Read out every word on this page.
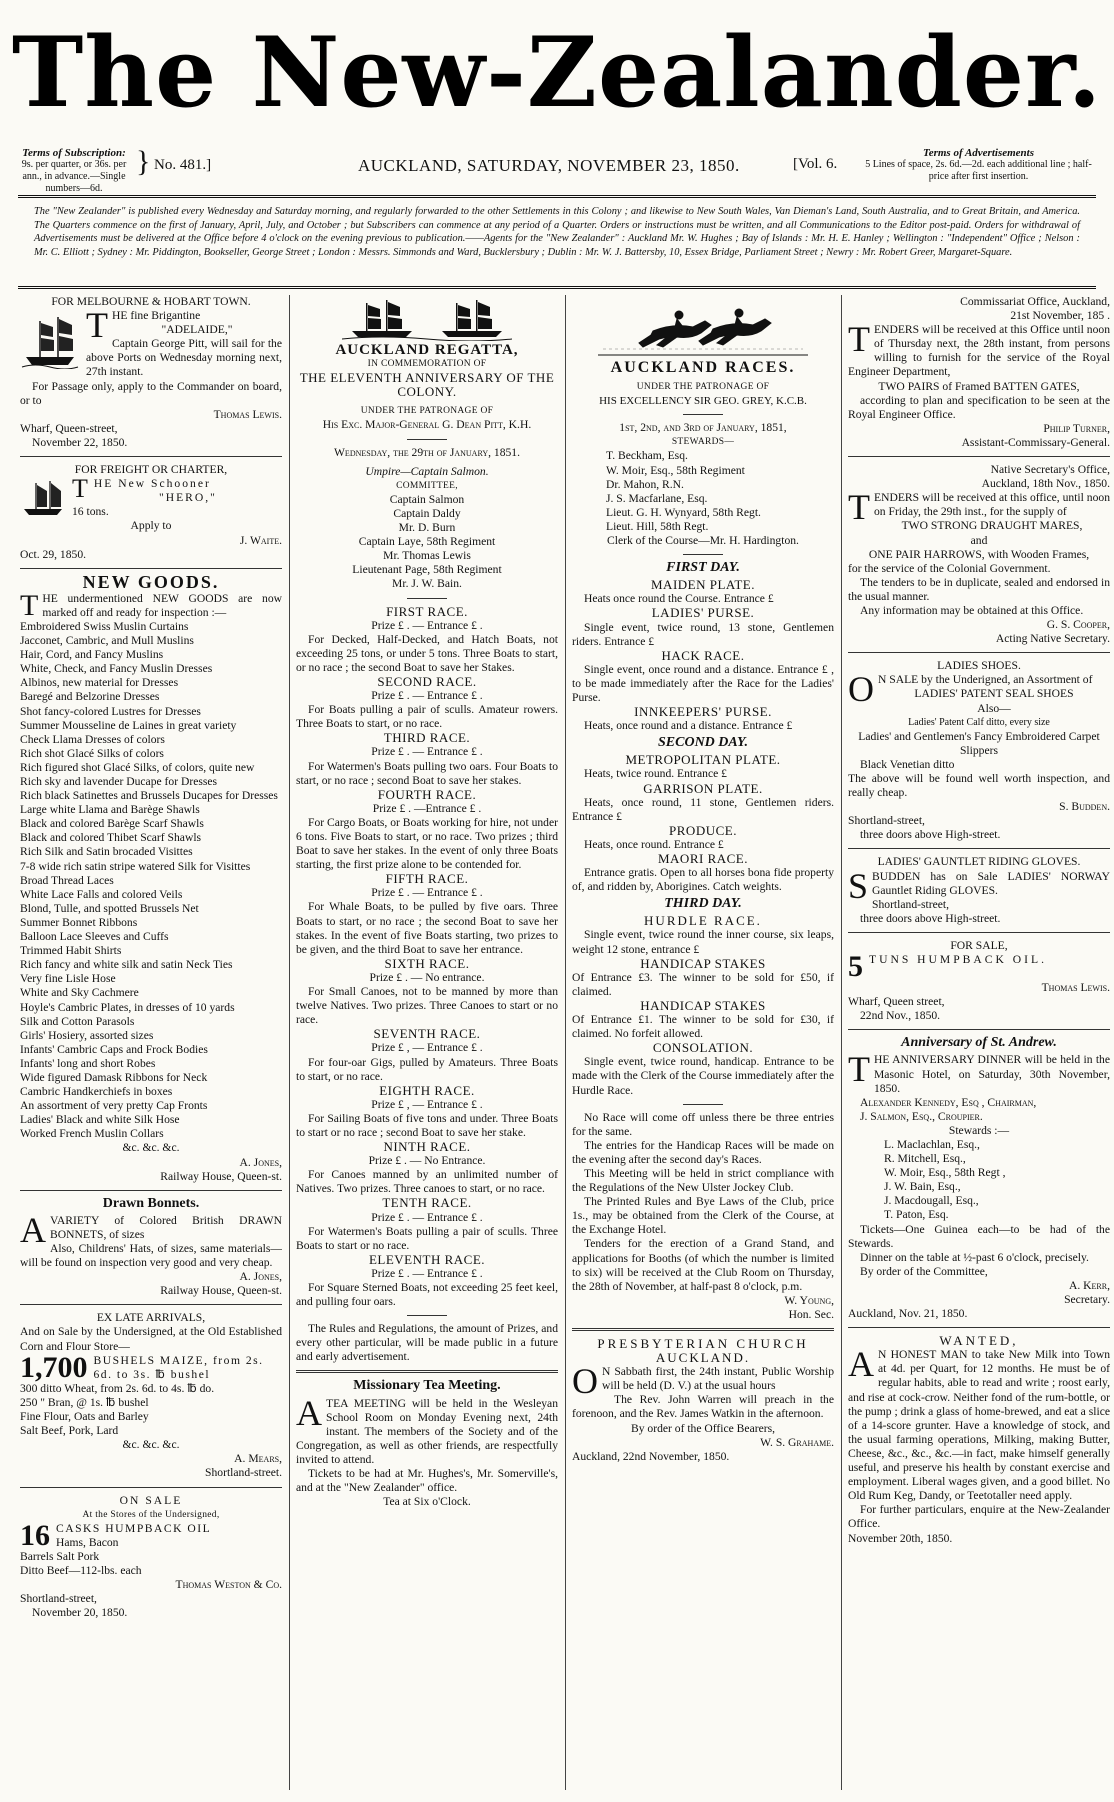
The New-Zealander.
Terms of Subscription:
9s. per quarter, or 36s. per ann., in advance.—Single numbers—6d.
} No. 481.]	AUCKLAND, SATURDAY, NOVEMBER 23, 1850.	[Vol. 6.
Terms of Advertisements
5 Lines of space, 2s. 6d.—2d. each additional line ; half-price after first insertion.
The "New Zealander" is published every Wednesday and Saturday morning, and regularly forwarded to the other Settlements in this Colony ; and likewise to New South Wales, Van Dieman's Land, South Australia, and to Great Britain, and America. The Quarters commence on the first of January, April, July, and October ; but Subscribers can commence at any period of a Quarter. Orders or instructions must be written, and all Communications to the Editor post-paid. Orders for withdrawal of Advertisements must be delivered at the Office before 4 o'clock on the evening previous to publication.——Agents for the "New Zealander" : Auckland Mr. W. Hughes ; Bay of Islands : Mr. H. E. Hanley ; Wellington : "Independent" Office ; Nelson : Mr. C. Elliott ; Sydney : Mr. Piddington, Bookseller, George Street ; London : Messrs. Simmonds and Ward, Bucklersbury ; Dublin : Mr. W. J. Battersby, 10, Essex Bridge, Parliament Street ; Newry : Mr. Robert Greer, Margaret-Square.

FOR MELBOURNE & HOBART TOWN.

THE fine Brigantine

"ADELAIDE,"

Captain George Pitt, will sail for the above Ports on Wednesday morning next, 27th instant.

For Passage only, apply to the Commander on board, or to

Thomas Lewis.

Wharf, Queen-street,

November 22, 1850.

FOR FREIGHT OR CHARTER,

THE New Schooner

"HERO,"

16 tons.

Apply to

J. Waite.

Oct. 29, 1850.

NEW GOODS.

THE undermentioned NEW GOODS are now marked off and ready for inspection :—

Embroidered Swiss Muslin Curtains

Jacconet, Cambric, and Mull Muslins

Hair, Cord, and Fancy Muslins

White, Check, and Fancy Muslin Dresses

Albinos, new material for Dresses

Baregé and Belzorine Dresses

Shot fancy-colored Lustres for Dresses

Summer Mousseline de Laines in great variety

Check Llama Dresses of colors

Rich shot Glacé Silks of colors

Rich figured shot Glacé Silks, of colors, quite new

Rich sky and lavender Ducape for Dresses

Rich black Satinettes and Brussels Ducapes for Dresses

Large white Llama and Barège Shawls

Black and colored Barège Scarf Shawls

Black and colored Thibet Scarf Shawls

Rich Silk and Satin brocaded Visittes

7-8 wide rich satin stripe watered Silk for Visittes

Broad Thread Laces

White Lace Falls and colored Veils

Blond, Tulle, and spotted Brussels Net

Summer Bonnet Ribbons

Balloon Lace Sleeves and Cuffs

Trimmed Habit Shirts

Rich fancy and white silk and satin Neck Ties

Very fine Lisle Hose

White and Sky Cachmere

Hoyle's Cambric Plates, in dresses of 10 yards

Silk and Cotton Parasols

Girls' Hosiery, assorted sizes

Infants' Cambric Caps and Frock Bodies

Infants' long and short Robes

Wide figured Damask Ribbons for Neck

Cambric Handkerchiefs in boxes

An assortment of very pretty Cap Fronts

Ladies' Black and white Silk Hose

Worked French Muslin Collars

&c. &c. &c.

A. Jones,

Railway House, Queen-st.

Drawn Bonnets.

AVARIETY of Colored British DRAWN BONNETS, of sizes

Also, Childrens' Hats, of sizes, same materials—will be found on inspection very good and very cheap.

A. Jones,

Railway House, Queen-st.

EX LATE ARRIVALS,

And on Sale by the Undersigned, at the Old Established Corn and Flour Store—

1,700 BUSHELS MAIZE, from 2s. 6d. to 3s. ℔ bushel

300 ditto Wheat, from 2s. 6d. to 4s. ℔ do.

250 " Bran, @ 1s. ℔ bushel

Fine Flour, Oats and Barley

Salt Beef, Pork, Lard

&c. &c. &c.

A. Mears,

Shortland-street.

ON SALE

At the Stores of the Undersigned,

16 CASKS HUMPBACK OIL

Hams, Bacon

Barrels Salt Pork

Ditto Beef—112-lbs. each

Thomas Weston & Co.

Shortland-street,

November 20, 1850.

AUCKLAND REGATTA,

IN COMMEMORATION OF

THE ELEVENTH ANNIVERSARY OF THE COLONY.

UNDER THE PATRONAGE OF

His Exc. Major-General G. Dean Pitt, K.H.

Wednesday, the 29th of January, 1851.

Umpire—Captain Salmon.

COMMITTEE,

Captain Salmon

Captain Daldy

Mr. D. Burn

Captain Laye, 58th Regiment

Mr. Thomas Lewis

Lieutenant Page, 58th Regiment

Mr. J. W. Bain.

FIRST RACE.

Prize £ . — Entrance £ .

For Decked, Half-Decked, and Hatch Boats, not exceeding 25 tons, or under 5 tons. Three Boats to start, or no race ; the second Boat to save her Stakes.

SECOND RACE.

Prize £ . — Entrance £ .

For Boats pulling a pair of sculls. Amateur rowers. Three Boats to start, or no race.

THIRD RACE.

Prize £ . — Entrance £ .

For Watermen's Boats pulling two oars. Four Boats to start, or no race ; second Boat to save her stakes.

FOURTH RACE.

Prize £ . —Entrance £ .

For Cargo Boats, or Boats working for hire, not under 6 tons. Five Boats to start, or no race. Two prizes ; third Boat to save her stakes. In the event of only three Boats starting, the first prize alone to be contended for.

FIFTH RACE.

Prize £ . — Entrance £ .

For Whale Boats, to be pulled by five oars. Three Boats to start, or no race ; the second Boat to save her stakes. In the event of five Boats starting, two prizes to be given, and the third Boat to save her entrance.

SIXTH RACE.

Prize £ . — No entrance.

For Small Canoes, not to be manned by more than twelve Natives. Two prizes. Three Canoes to start or no race.

SEVENTH RACE.

Prize £ , — Entrance £ .

For four-oar Gigs, pulled by Amateurs. Three Boats to start, or no race.

EIGHTH RACE.

Prize £ , — Entrance £ .

For Sailing Boats of five tons and under. Three Boats to start or no race ; second Boat to save her stake.

NINTH RACE.

Prize £ . — No Entrance.

For Canoes manned by an unlimited number of Natives. Two prizes. Three canoes to start, or no race.

TENTH RACE.

Prize £ . — Entrance £ .

For Watermen's Boats pulling a pair of sculls. Three Boats to start or no race.

ELEVENTH RACE.

Prize £ . — Entrance £ .

For Square Sterned Boats, not exceeding 25 feet keel, and pulling four oars.

The Rules and Regulations, the amount of Prizes, and every other particular, will be made public in a future and early advertisement.

Missionary Tea Meeting.

ATEA MEETING will be held in the Wesleyan School Room on Monday Evening next, 24th instant. The members of the Society and of the Congregation, as well as other friends, are respectfully invited to attend.

Tickets to be had at Mr. Hughes's, Mr. Somerville's, and at the "New Zealander" office.

Tea at Six o'Clock.

AUCKLAND RACES.

UNDER THE PATRONAGE OF

HIS EXCELLENCY SIR GEO. GREY, K.C.B.

1st, 2nd, and 3rd of January, 1851,

STEWARDS—

T. Beckham, Esq.

W. Moir, Esq., 58th Regiment

Dr. Mahon, R.N.

J. S. Macfarlane, Esq.

Lieut. G. H. Wynyard, 58th Regt.

Lieut. Hill, 58th Regt.

Clerk of the Course—Mr. H. Hardington.

FIRST DAY.

MAIDEN PLATE.

Heats once round the Course. Entrance £

LADIES' PURSE.

Single event, twice round, 13 stone, Gentlemen riders. Entrance £

HACK RACE.

Single event, once round and a distance. Entrance £ , to be made immediately after the Race for the Ladies' Purse.

INNKEEPERS' PURSE.

Heats, once round and a distance. Entrance £

SECOND DAY.

METROPOLITAN PLATE.

Heats, twice round. Entrance £

GARRISON PLATE.

Heats, once round, 11 stone, Gentlemen riders. Entrance £

PRODUCE.

Heats, once round. Entrance £

MAORI RACE.

Entrance gratis. Open to all horses bona fide property of, and ridden by, Aborigines. Catch weights.

THIRD DAY.

HURDLE RACE.

Single event, twice round the inner course, six leaps, weight 12 stone, entrance £

HANDICAP STAKES

Of Entrance £3. The winner to be sold for £50, if claimed.

HANDICAP STAKES

Of Entrance £1. The winner to be sold for £30, if claimed. No forfeit allowed.

CONSOLATION.

Single event, twice round, handicap. Entrance to be made with the Clerk of the Course immediately after the Hurdle Race.

No Race will come off unless there be three entries for the same.

The entries for the Handicap Races will be made on the evening after the second day's Races.

This Meeting will be held in strict compliance with the Regulations of the New Ulster Jockey Club.

The Printed Rules and Bye Laws of the Club, price 1s., may be obtained from the Clerk of the Course, at the Exchange Hotel.

Tenders for the erection of a Grand Stand, and applications for Booths (of which the number is limited to six) will be received at the Club Room on Thursday, the 28th of November, at half-past 8 o'clock, p.m.

W. Young,

Hon. Sec.

PRESBYTERIAN CHURCH

AUCKLAND.

O N Sabbath first, the 24th instant, Public Worship will be held (D. V.) at the usual hours

The Rev. John Warren will preach in the forenoon, and the Rev. James Watkin in the afternoon.

By order of the Office Bearers,

W. S. Grahame.

Auckland, 22nd November, 1850.

Commissariat Office, Auckland,

21st November, 185 .

TENDERS will be received at this Office until noon of Thursday next, the 28th instant, from persons willing to furnish for the service of the Royal Engineer Department,

TWO PAIRS of Framed BATTEN GATES,

according to plan and specification to be seen at the Royal Engineer Office.

Philip Turner,

Assistant-Commissary-General.

Native Secretary's Office,

Auckland, 18th Nov., 1850.

TENDERS will be received at this office, until noon on Friday, the 29th inst., for the supply of

TWO STRONG DRAUGHT MARES,

and

ONE PAIR HARROWS, with Wooden Frames,

for the service of the Colonial Government.

The tenders to be in duplicate, sealed and endorsed in the usual manner.

Any information may be obtained at this Office.

G. S. Cooper,

Acting Native Secretary.

LADIES SHOES.

O N SALE by the Underigned, an Assortment of

LADIES' PATENT SEAL SHOES

Also—

Ladies' Patent Calf ditto, every size

Ladies' and Gentlemen's Fancy Embroidered Carpet Slippers

Black Venetian ditto

The above will be found well worth inspection, and really cheap.

S. Budden.

Shortland-street,

three doors above High-street.

LADIES' GAUNTLET RIDING GLOVES.

SBUDDEN has on Sale LADIES' NORWAY Gauntlet Riding GLOVES.

Shortland-street,

three doors above High-street.

FOR SALE,

5 TUNS HUMPBACK OIL.

Thomas Lewis.

Wharf, Queen street,

22nd Nov., 1850.

Anniversary of St. Andrew.

THE ANNIVERSARY DINNER will be held in the Masonic Hotel, on Saturday, 30th November, 1850.

Alexander Kennedy, Esq , Chairman,

J. Salmon, Esq., Croupier.

Stewards :—

L. Maclachlan, Esq.,

R. Mitchell, Esq.,

W. Moir, Esq., 58th Regt ,

J. W. Bain, Esq.,

J. Macdougall, Esq.,

T. Paton, Esq.

Tickets—One Guinea each—to be had of the Stewards.

Dinner on the table at ½-past 6 o'clock, precisely.

By order of the Committee,

A. Kerr,

Secretary.

Auckland, Nov. 21, 1850.

WANTED,

A N HONEST MAN to take New Milk into Town at 4d. per Quart, for 12 months. He must be of regular habits, able to read and write ; roost early, and rise at cock-crow. Neither fond of the rum-bottle, or the pump ; drink a glass of home-brewed, and eat a slice of a 14-score grunter. Have a knowledge of stock, and the usual farming operations, Milking, making Butter, Cheese, &c., &c., &c.—in fact, make himself generally useful, and preserve his health by constant exercise and employment. Liberal wages given, and a good billet. No Old Rum Keg, Dandy, or Teetotaller need apply.

For further particulars, enquire at the New-Zealander Office.

November 20th, 1850.
